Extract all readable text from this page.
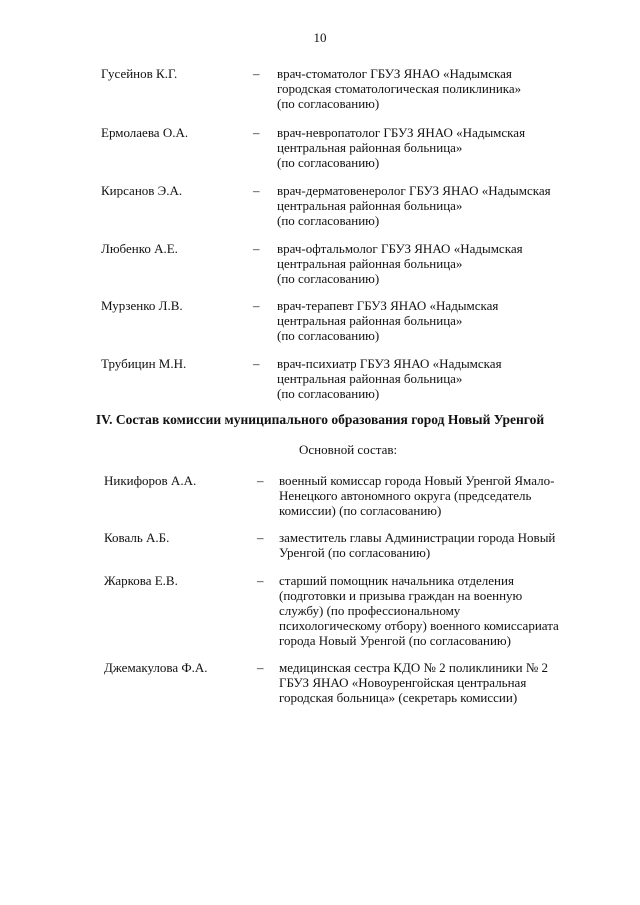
10
Гусейнов К.Г.	– врач-стоматолог ГБУЗ ЯНАО «Надымская
городская стоматологическая поликлиника»
(по согласованию)
Ермолаева О.А.	– врач-невропатолог ГБУЗ ЯНАО «Надымская
центральная районная больница»
(по согласованию)
Кирсанов Э.А.	– врач-дерматовенеролог ГБУЗ ЯНАО «Надымская
центральная районная больница»
(по согласованию)
Любенко А.Е.	– врач-офтальмолог ГБУЗ ЯНАО «Надымская
центральная районная больница»
(по согласованию)
Мурзенко Л.В.	– врач-терапевт ГБУЗ ЯНАО «Надымская
центральная районная больница»
(по согласованию)
Трубицин М.Н.	– врач-психиатр ГБУЗ ЯНАО «Надымская
центральная районная больница»
(по согласованию)
IV. Состав комиссии муниципального образования город Новый Уренгой
Основной состав:
Никифоров А.А.	– военный комиссар города Новый Уренгой Ямало-
Ненецкого автономного округа (председатель
комиссии) (по согласованию)
Коваль А.Б.	– заместитель главы Администрации города Новый
Уренгой (по согласованию)
Жаркова Е.В.	– старший помощник начальника отделения
(подготовки и призыва граждан на военную
службу) (по профессиональному
психологическому отбору) военного комиссариата
города Новый Уренгой (по согласованию)
Джемакулова Ф.А.	– медицинская сестра КДО № 2 поликлиники № 2
ГБУЗ ЯНАО «Новоуренгойская центральная
городская больница» (секретарь комиссии)
